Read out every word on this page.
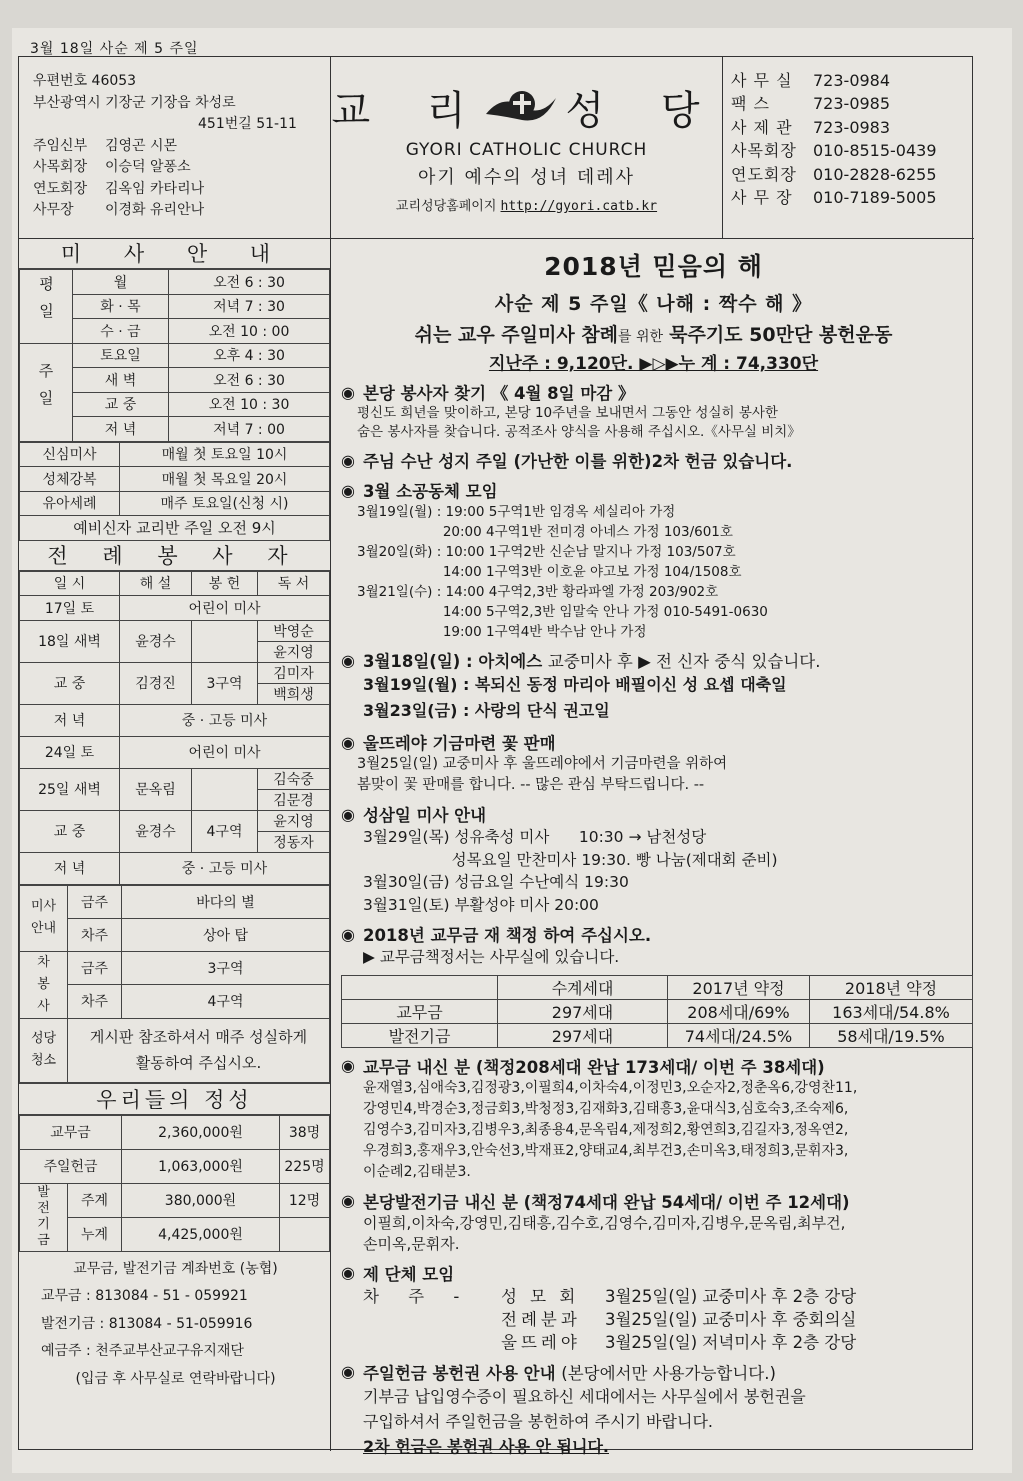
3월 18일 사순 제 5 주일
우편번호 46053
부산광역시 기장군 기장읍 차성로
451번길 51-11
주임신부 김영곤 시몬
사목회장 이승덕 알퐁소
연도회장 김옥임 카타리나
사무장 이경화 유리안나
교 리 성 당
GYORI CATHOLIC CHURCH
아기 예수의 성녀 데레사
교리성당홈페이지 http://gyori.catb.kr
사 무 실 723-0984
팩 스	723-0985
사 제 관 723-0983
사목회장 010-8515-0439
연도회장 010-2828-6255
사 무 장 010-7189-5005
미 사 안 내
평일	월	오전 6 : 30
	화 · 목	저녁 7 : 30
	수 · 금	오전 10 : 00
주일	토요일	오후 4 : 30
	새 벽	오전 6 : 30
	교 중	오전 10 : 30
	저 녁	저녁 7 : 00
신심미사	매월 첫 토요일 10시
성체강복	매월 첫 목요일 20시
유아세례	매주 토요일(신청 시)
예비신자 교리반 주일 오전 9시	
전 례 봉 사 자
일 시	해 설	봉 헌	독 서
17일 토	어린이 미사		
18일 새벽	윤경수		박영순
			윤지영
교 중	김경진	3구역	김미자
			백희생
저 녁	중 · 고등 미사		
24일 토	어린이 미사		
25일 새벽	문옥림		김숙중
			김문경
교 중	윤경수	4구역	윤지영
			정동자
저 녁	중 · 고등 미사		
미사안내	금주	바다의 별
	차주	상아 탑
차봉사	금주	3구역
	차주	4구역
성당청소	게시판 참조하셔서 매주 성실하게 활동하여 주십시오.	
우리들의 정성
교무금		2,360,000원	38명
주일헌금		1,063,000원	225명
발전기금	주계	380,000원	12명
	누계	4,425,000원	
교무금, 발전기금 계좌번호 (농협)
교무금 : 813084 - 51 - 059921
발전기금 : 813084 - 51-059916
예금주 : 천주교부산교구유지재단
(입금 후 사무실로 연락바랍니다)
2018년 믿음의 해
사순 제 5 주일《 나해 : 짝수 해 》
쉬는 교우 주일미사 참례를 위한 묵주기도 50만단 봉헌운동
지난주 : 9,120단. ▶▷▶누 계 : 74,330단
◉ 본당 봉사자 찾기 《 4월 8일 마감 》
평신도 희년을 맞이하고, 본당 10주년을 보내면서 그동안 성실히 봉사한
숨은 봉사자를 찾습니다. 공적조사 양식을 사용해 주십시오.《사무실 비치》
◉ 주님 수난 성지 주일 (가난한 이를 위한)2차 헌금 있습니다.
◉ 3월 소공동체 모임

3월19일(월) : 19:00 5구역1반 임경옥 세실리아 가정

20:00 4구역1반 전미경 아네스 가정 103/601호

3월20일(화) : 10:00 1구역2반 신순남 말지나 가정 103/507호

14:00 1구역3반 이호윤 야고보 가정 104/1508호

3월21일(수) : 14:00 4구역2,3반 황라파엘 가정 203/902호

14:00 5구역2,3반 임말숙 안나 가정 010-5491-0630

19:00 1구역4반 박수남 안나 가정

◉ 3월18일(일) : 아치에스
교중미사 후 ▶ 전 신자 중식 있습니다.
3월19일(월) : 복되신 동정 마리아 배필이신 성 요셉 대축일
3월23일(금) : 사랑의 단식 권고일
◉ 울뜨레야 기금마련 꽃 판매
3월25일(일) 교중미사 후 울뜨레야에서 기금마련을 위하여
봄맞이 꽃 판매를 합니다. -- 많은 관심 부탁드립니다. --
◉ 성삼일 미사 안내

3월29일(목) 성유축성 미사      10:30 → 남천성당

성목요일 만찬미사 19:30. 빵 나눔(제대회 준비)

3월30일(금) 성금요일 수난예식 19:30

3월31일(토) 부활성야 미사 20:00

◉ 2018년 교무금 재 책정 하여 주십시오.
▶ 교무금책정서는 사무실에 있습니다.
	수계세대	2017년 약정	2018년 약정
교무금	297세대	208세대/69%	163세대/54.8%
발전기금	297세대	74세대/24.5%	58세대/19.5%
◉ 교무금 내신 분 (책정208세대 완납 173세대/ 이번 주 38세대)
윤재열3,심애숙3,김정광3,이필희4,이차숙4,이정민3,오순자2,정춘옥6,강영찬11,
강영민4,박경순3,정금회3,박청정3,김재화3,김태흥3,윤대식3,심호숙3,조숙제6,
김영수3,김미자3,김병우3,최종용4,문옥림4,제정희2,황연희3,김길자3,정옥연2,
우경희3,홍재우3,안숙선3,박재표2,양태교4,최부건3,손미옥3,태정희3,문휘자3,
이순례2,김태분3.
◉ 본당발전기금 내신 분 (책정74세대 완납 54세대/ 이번 주 12세대)
이필희,이차숙,강영민,김태흥,김수호,김영수,김미자,김병우,문옥림,최부건,
손미옥,문휘자.
◉ 제 단체 모임
차 주 - 성 모 회 3월25일(일) 교중미사 후 2층 강당
전례분과 3월25일(일) 교중미사 후 중회의실
울뜨레야 3월25일(일) 저녁미사 후 2층 강당
◉ 주일헌금 봉헌권 사용 안내
(본당에서만 사용가능합니다.)
기부금 납입영수증이 필요하신 세대에서는 사무실에서 봉헌권을
구입하셔서 주일헌금을 봉헌하여 주시기 바랍니다.
2차 헌금은 봉헌권 사용 안 됩니다.
